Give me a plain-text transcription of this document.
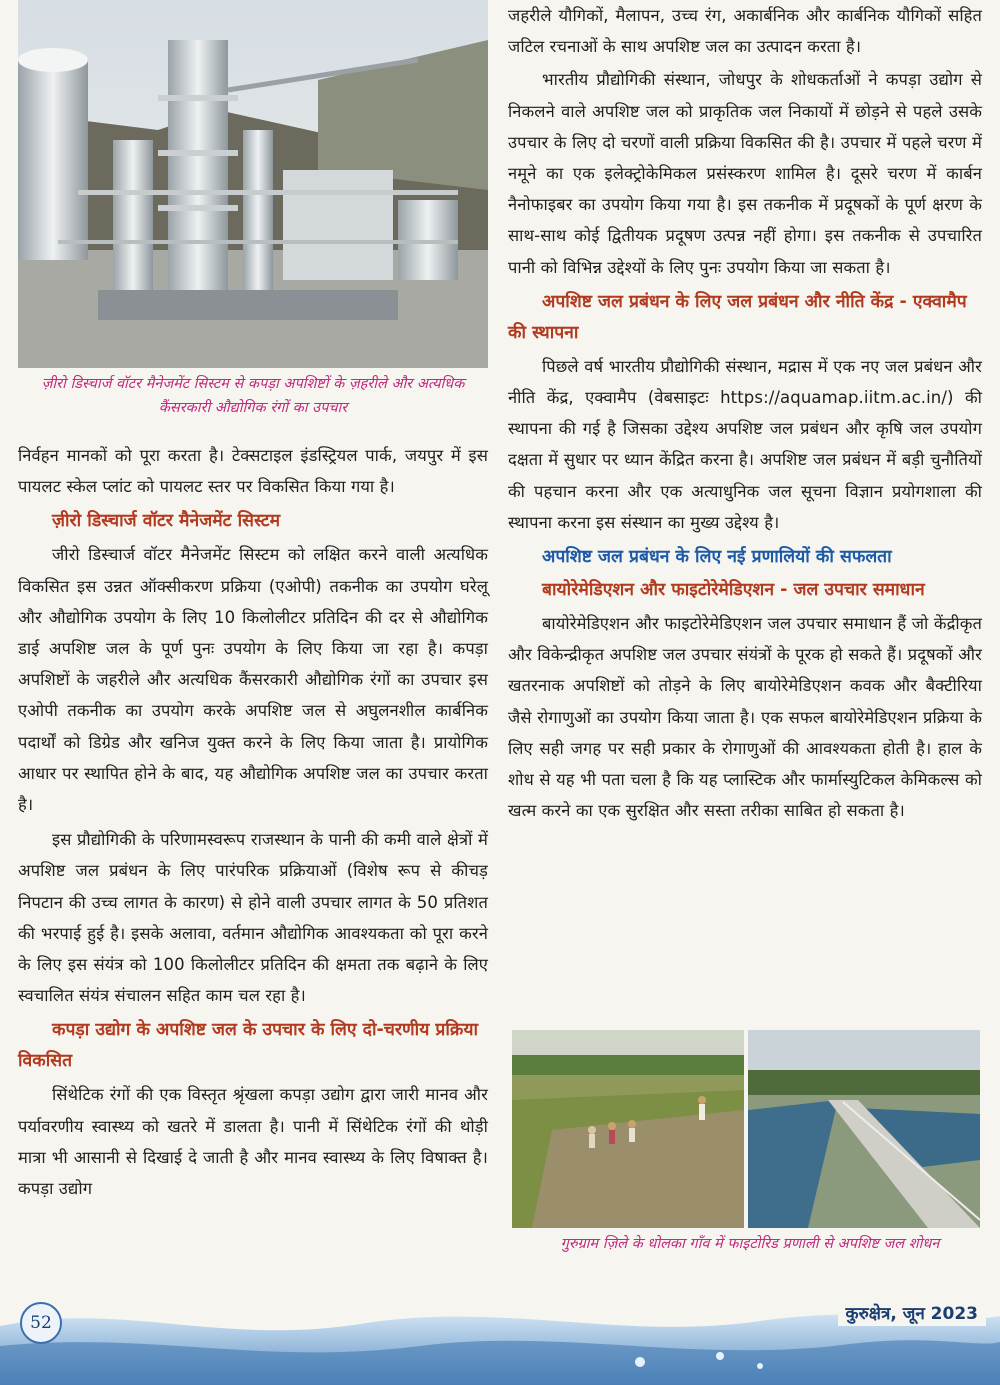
ज़ीरो डिस्चार्ज वॉटर मैनेजमेंट सिस्टम से कपड़ा अपशिष्टों के ज़हरीले और अत्यधिक कैंसरकारी औद्योगिक रंगों का उपचार

निर्वहन मानकों को पूरा करता है। टेक्सटाइल इंडस्ट्रियल पार्क, जयपुर में इस पायलट स्केल प्लांट को पायलट स्तर पर विकसित किया गया है।

ज़ीरो डिस्चार्ज वॉटर मैनेजमेंट सिस्टम

जीरो डिस्चार्ज वॉटर मैनेजमेंट सिस्टम को लक्षित करने वाली अत्यधिक विकसित इस उन्नत ऑक्सीकरण प्रक्रिया (एओपी) तकनीक का उपयोग घरेलू और औद्योगिक उपयोग के लिए 10 किलोलीटर प्रतिदिन की दर से औद्योगिक डाई अपशिष्ट जल के पूर्ण पुनः उपयोग के लिए किया जा रहा है। कपड़ा अपशिष्टों के जहरीले और अत्यधिक कैंसरकारी औद्योगिक रंगों का उपचार इस एओपी तकनीक का उपयोग करके अपशिष्ट जल से अघुलनशील कार्बनिक पदार्थों को डिग्रेड और खनिज युक्त करने के लिए किया जाता है। प्रायोगिक आधार पर स्थापित होने के बाद, यह औद्योगिक अपशिष्ट जल का उपचार करता है।

इस प्रौद्योगिकी के परिणामस्वरूप राजस्थान के पानी की कमी वाले क्षेत्रों में अपशिष्ट जल प्रबंधन के लिए पारंपरिक प्रक्रियाओं (विशेष रूप से कीचड़ निपटान की उच्च लागत के कारण) से होने वाली उपचार लागत के 50 प्रतिशत की भरपाई हुई है। इसके अलावा, वर्तमान औद्योगिक आवश्यकता को पूरा करने के लिए इस संयंत्र को 100 किलोलीटर प्रतिदिन की क्षमता तक बढ़ाने के लिए स्वचालित संयंत्र संचालन सहित काम चल रहा है।

कपड़ा उद्योग के अपशिष्ट जल के उपचार के लिए दो-चरणीय प्रक्रिया विकसित

सिंथेटिक रंगों की एक विस्तृत श्रृंखला कपड़ा उद्योग द्वारा जारी मानव और पर्यावरणीय स्वास्थ्य को खतरे में डालता है। पानी में सिंथेटिक रंगों की थोड़ी मात्रा भी आसानी से दिखाई दे जाती है और मानव स्वास्थ्य के लिए विषाक्त है। कपड़ा उद्योग

जहरीले यौगिकों, मैलापन, उच्च रंग, अकार्बनिक और कार्बनिक यौगिकों सहित जटिल रचनाओं के साथ अपशिष्ट जल का उत्पादन करता है।

भारतीय प्रौद्योगिकी संस्थान, जोधपुर के शोधकर्ताओं ने कपड़ा उद्योग से निकलने वाले अपशिष्ट जल को प्राकृतिक जल निकायों में छोड़ने से पहले उसके उपचार के लिए दो चरणों वाली प्रक्रिया विकसित की है। उपचार में पहले चरण में नमूने का एक इलेक्ट्रोकेमिकल प्रसंस्करण शामिल है। दूसरे चरण में कार्बन नैनोफाइबर का उपयोग किया गया है। इस तकनीक में प्रदूषकों के पूर्ण क्षरण के साथ-साथ कोई द्वितीयक प्रदूषण उत्पन्न नहीं होगा। इस तकनीक से उपचारित पानी को विभिन्न उद्देश्यों के लिए पुनः उपयोग किया जा सकता है।

अपशिष्ट जल प्रबंधन के लिए जल प्रबंधन और नीति केंद्र - एक्वामैप की स्थापना

पिछले वर्ष भारतीय प्रौद्योगिकी संस्थान, मद्रास में एक नए जल प्रबंधन और नीति केंद्र, एक्वामैप (वेबसाइटः https://aquamap.iitm.ac.in/) की स्थापना की गई है जिसका उद्देश्य अपशिष्ट जल प्रबंधन और कृषि जल उपयोग दक्षता में सुधार पर ध्यान केंद्रित करना है। अपशिष्ट जल प्रबंधन में बड़ी चुनौतियों की पहचान करना और एक अत्याधुनिक जल सूचना विज्ञान प्रयोगशाला की स्थापना करना इस संस्थान का मुख्य उद्देश्य है।

अपशिष्ट जल प्रबंधन के लिए नई प्रणालियों की सफलता
बायोरेमेडिएशन और फाइटोरेमेडिएशन - जल उपचार समाधान

बायोरेमेडिएशन और फाइटोरेमेडिएशन जल उपचार समाधान हैं जो केंद्रीकृत और विकेन्द्रीकृत अपशिष्ट जल उपचार संयंत्रों के पूरक हो सकते हैं। प्रदूषकों और खतरनाक अपशिष्टों को तोड़ने के लिए बायोरेमेडिएशन कवक और बैक्टीरिया जैसे रोगाणुओं का उपयोग किया जाता है। एक सफल बायोरेमेडिएशन प्रक्रिया के लिए सही जगह पर सही प्रकार के रोगाणुओं की आवश्यकता होती है। हाल के शोध से यह भी पता चला है कि यह प्लास्टिक और फार्मास्युटिकल केमिकल्स को खत्म करने का एक सुरक्षित और सस्ता तरीका साबित हो सकता है।

गुरुग्राम ज़िले के धोलका गाँव में फाइटोरिड प्रणाली से अपशिष्ट जल शोधन
52	कुरुक्षेत्र, जून 2023
